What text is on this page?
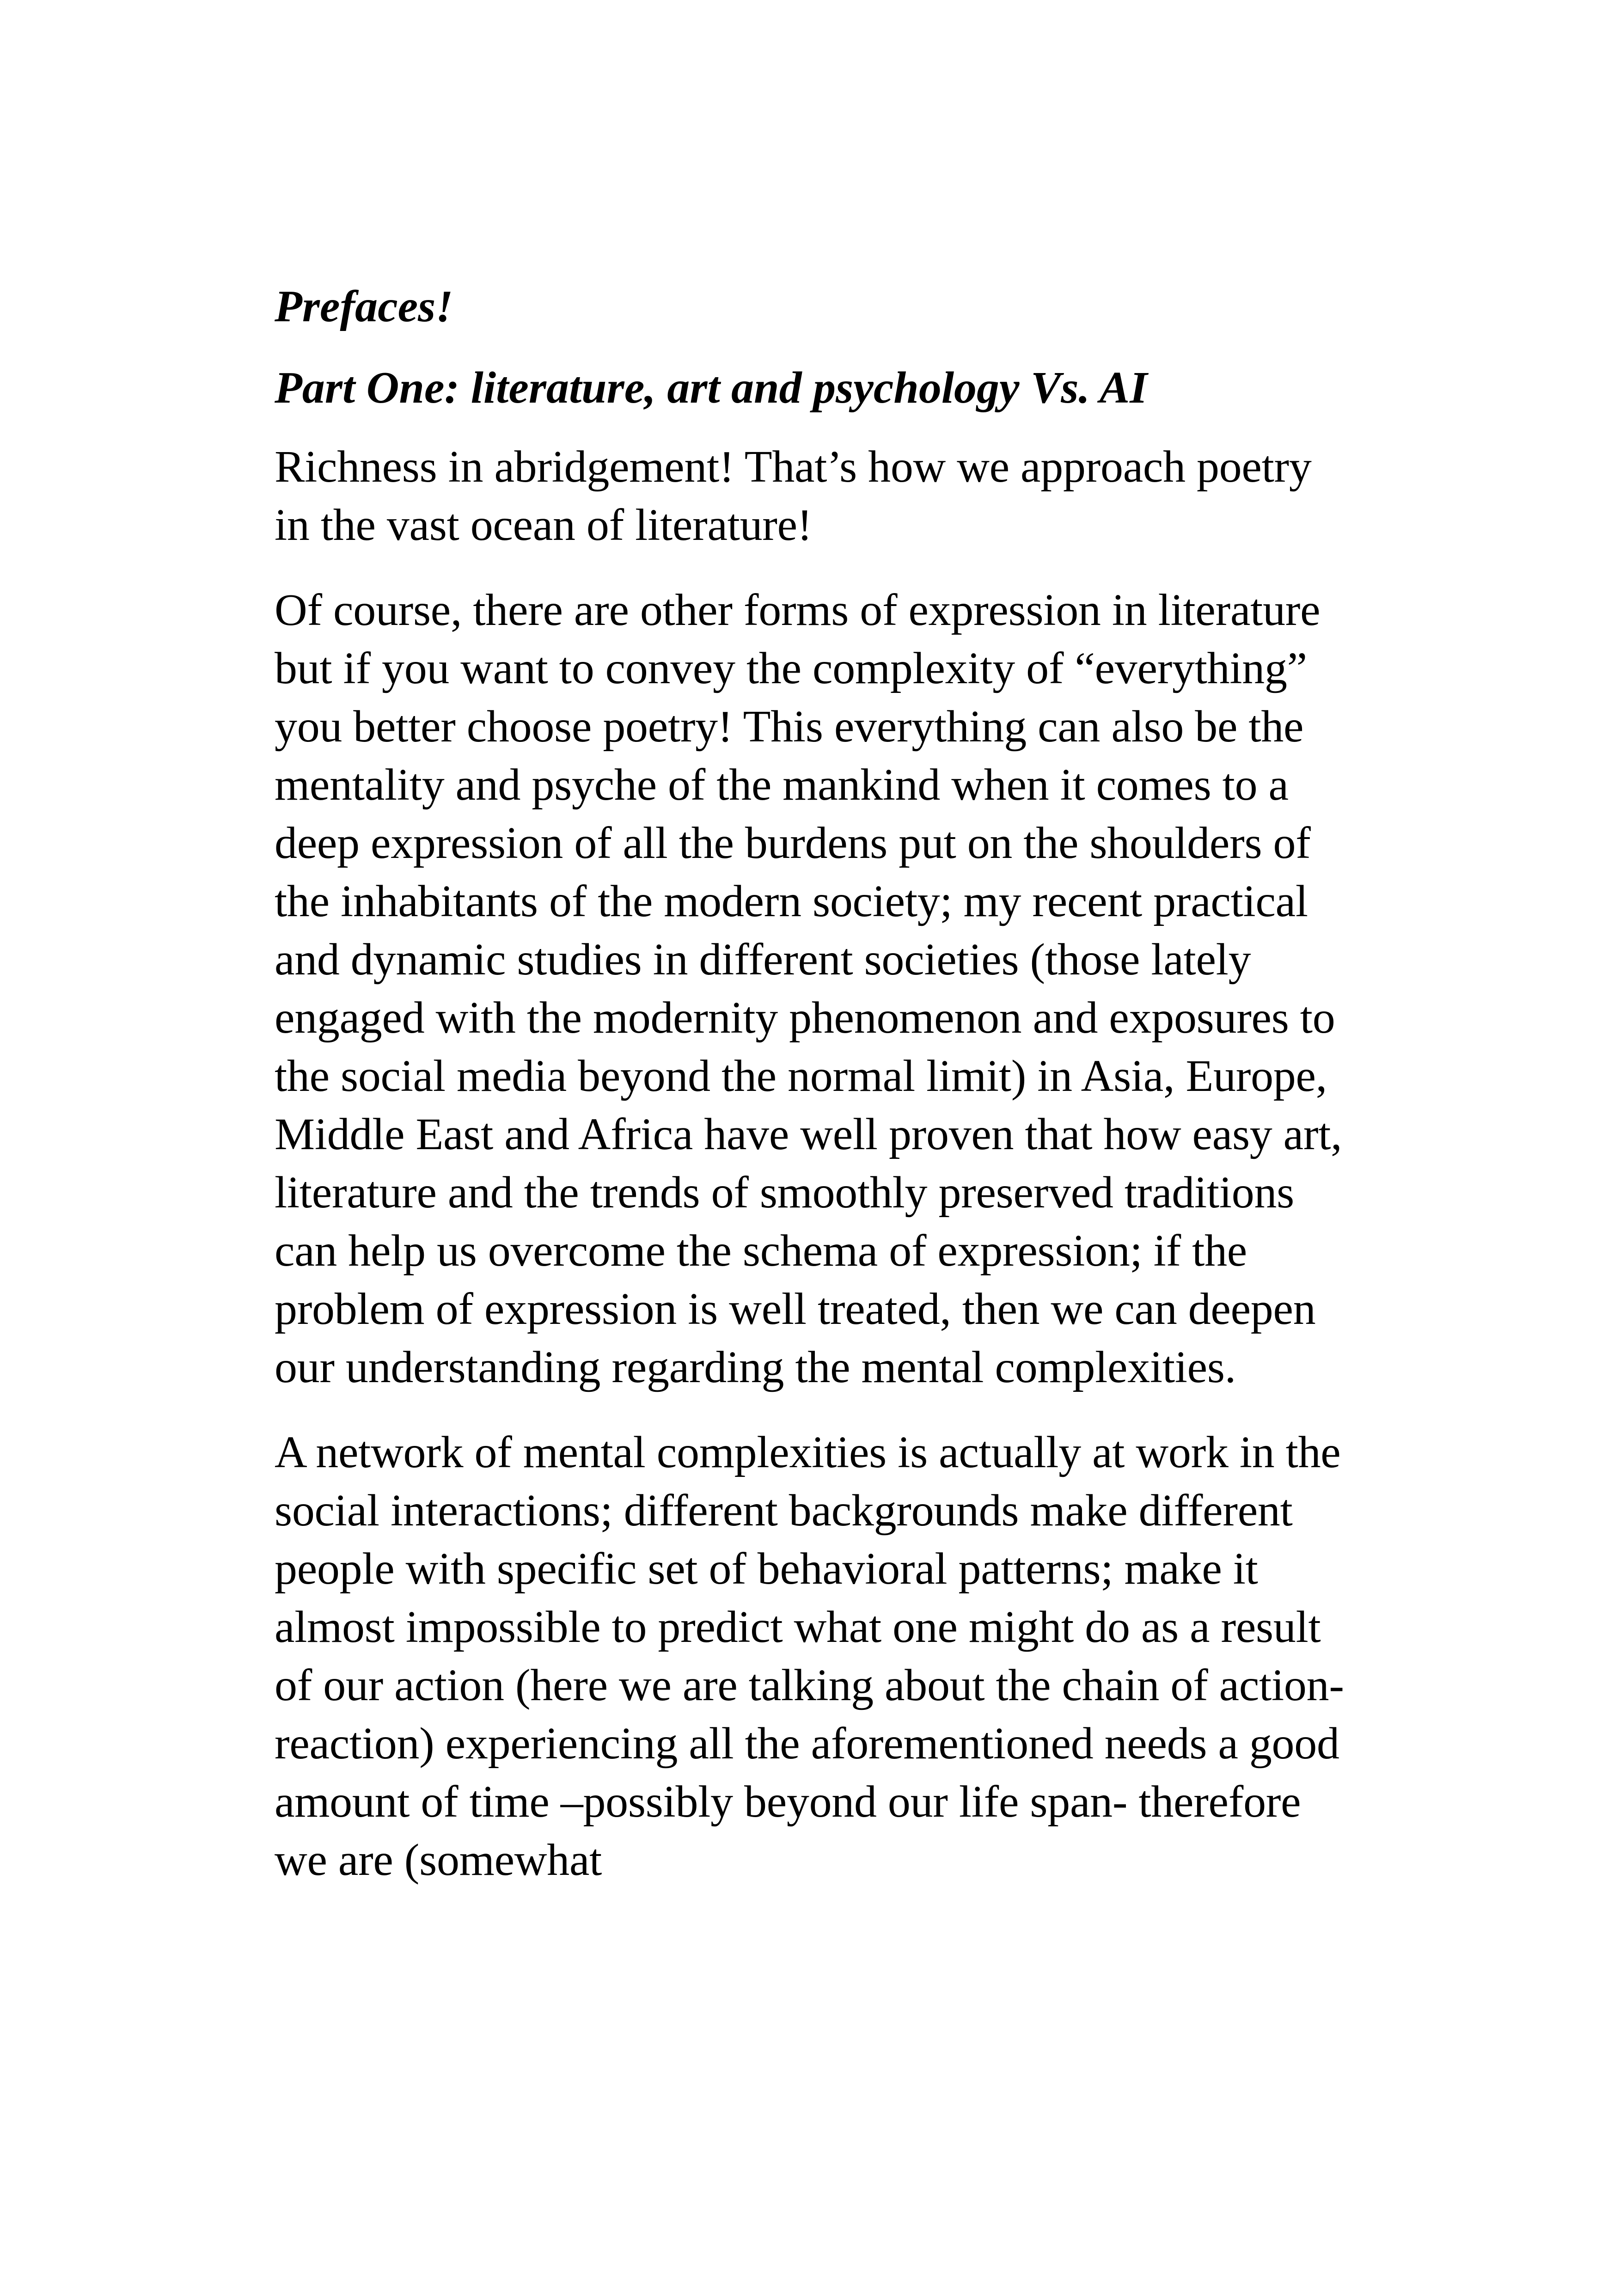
Prefaces!

Part One: literature, art and psychology Vs. AI

Richness in abridgement! That’s how we approach poetry in the vast ocean of literature!

Of course, there are other forms of expression in literature but if you want to convey the complexity of “everything” you better choose poetry! This everything can also be the mentality and psyche of the mankind when it comes to a deep expression of all the burdens put on the shoulders of the inhabitants of the modern society; my recent practical and dynamic studies in different societies (those lately engaged with the modernity phenomenon and exposures to the social media beyond the normal limit) in Asia, Europe, Middle East and Africa have well proven that how easy art, literature and the trends of smoothly preserved traditions can help us overcome the schema of expression; if the problem of expression is well treated, then we can deepen our understanding regarding the mental complexities.

A network of mental complexities is actually at work in the social interactions; different backgrounds make different people with specific set of behavioral patterns; make it almost impossible to predict what one might do as a result of our action (here we are talking about the chain of action-reaction) experiencing all the aforementioned needs a good amount of time –possibly beyond our life span- therefore we are (somewhat
